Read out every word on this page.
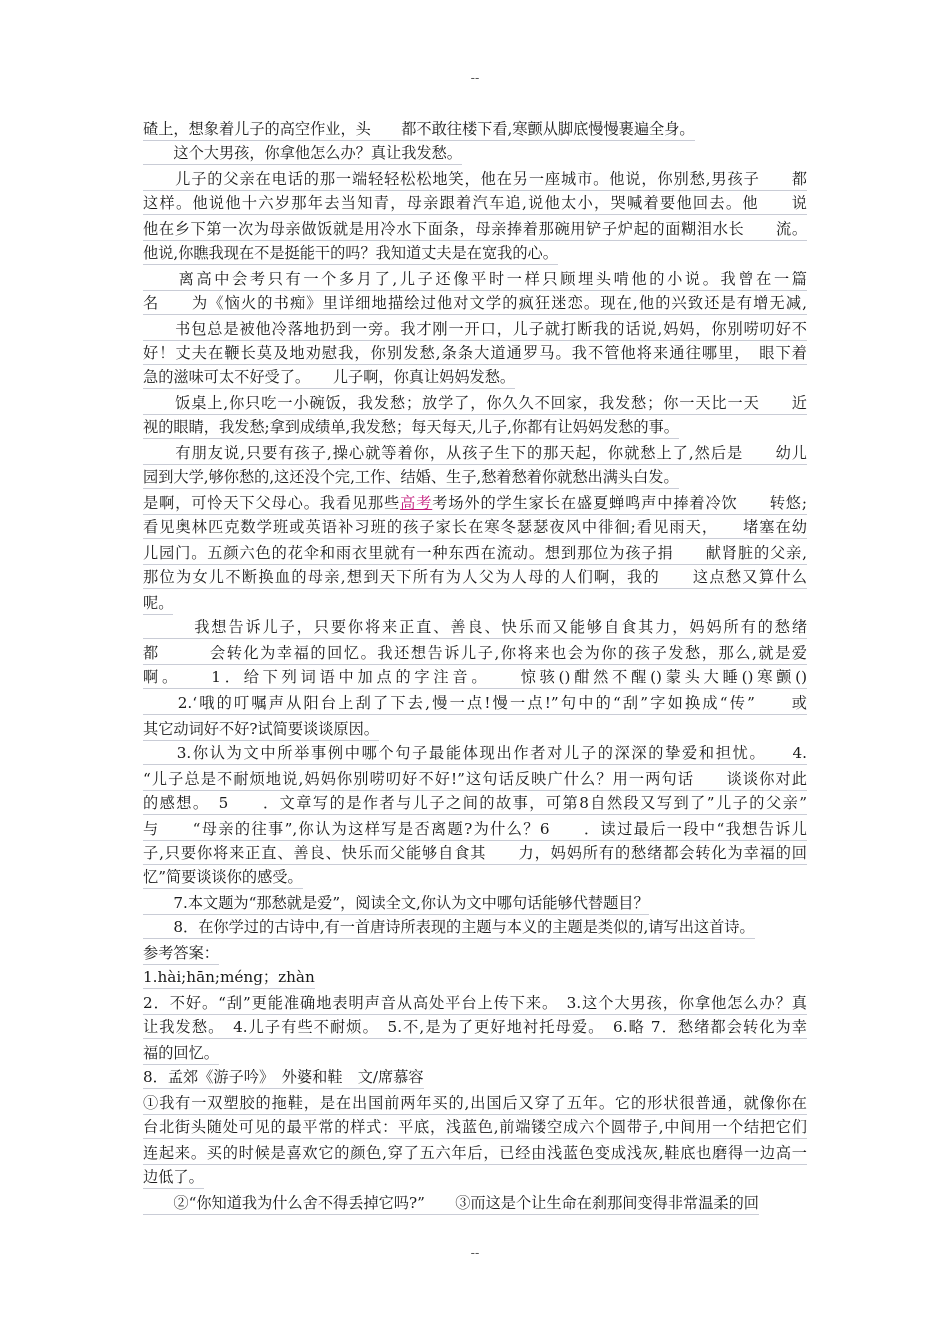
--
碴上，想象着儿子的高空作业，头　　都不敢往楼下看,寒颤从脚底慢慢裹遍全身。
　　这个大男孩，你拿他怎么办？真让我发愁。
　　儿子的父亲在电话的那一端轻轻松松地笑，他在另一座城市。他说，你别愁,男孩子　　都
这样。他说他十六岁那年去当知青，母亲跟着汽车追,说他太小，哭喊着要他回去。他　　说
他在乡下第一次为母亲做饭就是用冷水下面条，母亲捧着那碗用铲子炉起的面糊泪水长　　流。
他说,你瞧我现在不是挺能干的吗？我知道丈夫是在宽我的心。
　　离高中会考只有一个多月了,儿子还像平时一样只顾埋头啃他的小说。我曾在一篇
名　　为《恼火的书痴》里详细地描绘过他对文学的疯狂迷恋。现在,他的兴致还是有增无减,
　　书包总是被他冷落地扔到一旁。我才刚一开口，儿子就打断我的话说,妈妈，你别唠叨好不
好！丈夫在鞭长莫及地劝慰我，你别发愁,条条大道通罗马。我不管他将来通往哪里，　眼下着
急的滋味可太不好受了。　　儿子啊，你真让妈妈发愁。
　　饭桌上,你只吃一小碗饭，我发愁；放学了，你久久不回家，我发愁；你一天比一天　　近
视的眼睛，我发愁;拿到成绩单,我发愁；每天每天,儿子,你都有让妈妈发愁的事。
　　有朋友说,只要有孩子,操心就等着你，从孩子生下的那天起，你就愁上了,然后是　　幼儿
园到大学,够你愁的,这还没个完,工作、结婚、生子,愁着愁着你就愁出满头白发。
是啊，可怜天下父母心。我看见那些高考考场外的学生家长在盛夏蝉鸣声中捧着冷饮　　转悠;
看见奥林匹克数学班或英语补习班的孩子家长在寒冬瑟瑟夜风中徘徊;看见雨天，　　堵塞在幼
儿园门。五颜六色的花伞和雨衣里就有一种东西在流动。想到那位为孩子捐　　献肾脏的父亲,
那位为女儿不断换血的母亲,想到天下所有为人父为人母的人们啊，我的　　这点愁又算什么
呢。
　　　我想告诉儿子，只要你将来正直、善良、快乐而又能够自食其力，妈妈所有的愁绪
都　　　会转化为幸福的回忆。我还想告诉儿子,你将来也会为你的孩子发愁，那么,就是爱
啊。　　1．给下列词语中加点的字注音。　　惊骇()酣然不醒()蒙头大睡()寒颤()
　　2.‘哦的叮嘱声从阳台上刮了下去,慢一点!慢一点!”句中的“刮”字如换成“传”　　或
其它动词好不好?试简要谈谈原因。
　　3.你认为文中所举事例中哪个句子最能体现出作者对儿子的深深的挚爱和担忧。　　4.
“儿子总是不耐烦地说,妈妈你别唠叨好不好!”这句话反映广什么？用一两句话　　谈谈你对此
的感想。　5　　．文章写的是作者与儿子之间的故事，可第8自然段又写到了”儿子的父亲”
与　　“母亲的往事”,你认为这样写是否离题?为什么？6　　．读过最后一段中“我想告诉儿
子,只要你将来正直、善良、快乐而父能够自食其　　力，妈妈所有的愁绪都会转化为幸福的回
忆”简要谈谈你的感受。
　　7.本文题为“那愁就是爱”，阅读全文,你认为文中哪句话能够代替题目？
　　8．在你学过的古诗中,有一首唐诗所表现的主题与本义的主题是类似的,请写出这首诗。
参考答案：
1.hài;hān;méng；zhàn
2．不好。“刮”更能准确地表明声音从高处平台上传下来。　3.这个大男孩，你拿他怎么办？真
让我发愁。　4.儿子有些不耐烦。　5.不,是为了更好地衬托母爱。　6.略 7．愁绪都会转化为幸
福的回忆。
8．孟郊《游子吟》　外婆和鞋　文/席慕容
①我有一双塑胶的拖鞋，是在出国前两年买的,出国后又穿了五年。它的形状很普通，就像你在
台北街头随处可见的最平常的样式：平底，浅蓝色,前端镂空成六个圆带子,中间用一个结把它们
连起来。买的时候是喜欢它的颜色,穿了五六年后，已经由浅蓝色变成浅灰,鞋底也磨得一边高一
边低了。
　　②“你知道我为什么舍不得丢掉它吗?”　　③而这是个让生命在刹那间变得非常温柔的回
--
